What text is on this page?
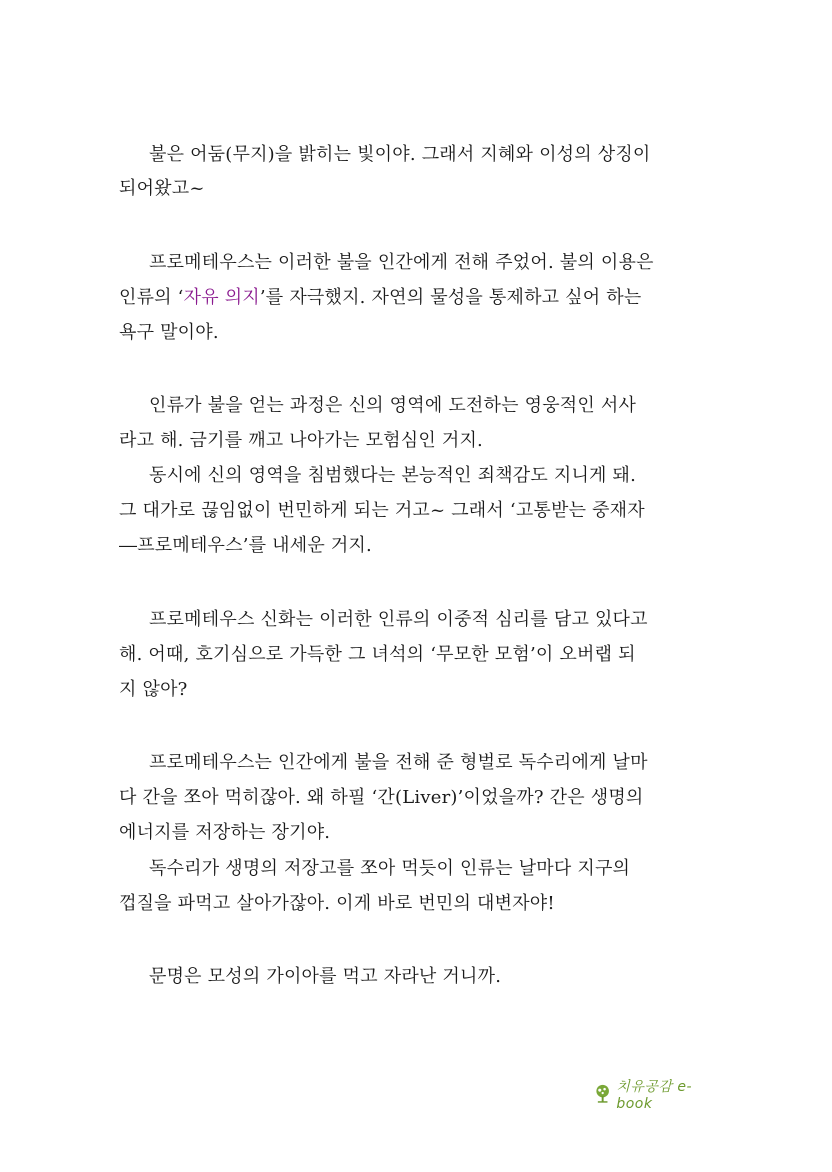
불은 어둠(무지)을 밝히는 빛이야. 그래서 지혜와 이성의 상징이
되어왔고~
프로메테우스는 이러한 불을 인간에게 전해 주었어. 불의 이용은
인류의 ‘자유 의지’를 자극했지. 자연의 물성을 통제하고 싶어 하는
욕구 말이야.
인류가 불을 얻는 과정은 신의 영역에 도전하는 영웅적인 서사
라고 해. 금기를 깨고 나아가는 모험심인 거지.
동시에 신의 영역을 침범했다는 본능적인 죄책감도 지니게 돼.
그 대가로 끊임없이 번민하게 되는 거고~ 그래서 ‘고통받는 중재자
―프로메테우스’를 내세운 거지.
프로메테우스 신화는 이러한 인류의 이중적 심리를 담고 있다고
해. 어때, 호기심으로 가득한 그 녀석의 ‘무모한 모험’이 오버랩 되
지 않아?
프로메테우스는 인간에게 불을 전해 준 형벌로 독수리에게 날마
다 간을 쪼아 먹히잖아. 왜 하필 ‘간(Liver)’이었을까? 간은 생명의
에너지를 저장하는 장기야.
독수리가 생명의 저장고를 쪼아 먹듯이 인류는 날마다 지구의
껍질을 파먹고 살아가잖아. 이게 바로 번민의 대변자야!
문명은 모성의 가이아를 먹고 자라난 거니까.
치유공감 e-book
